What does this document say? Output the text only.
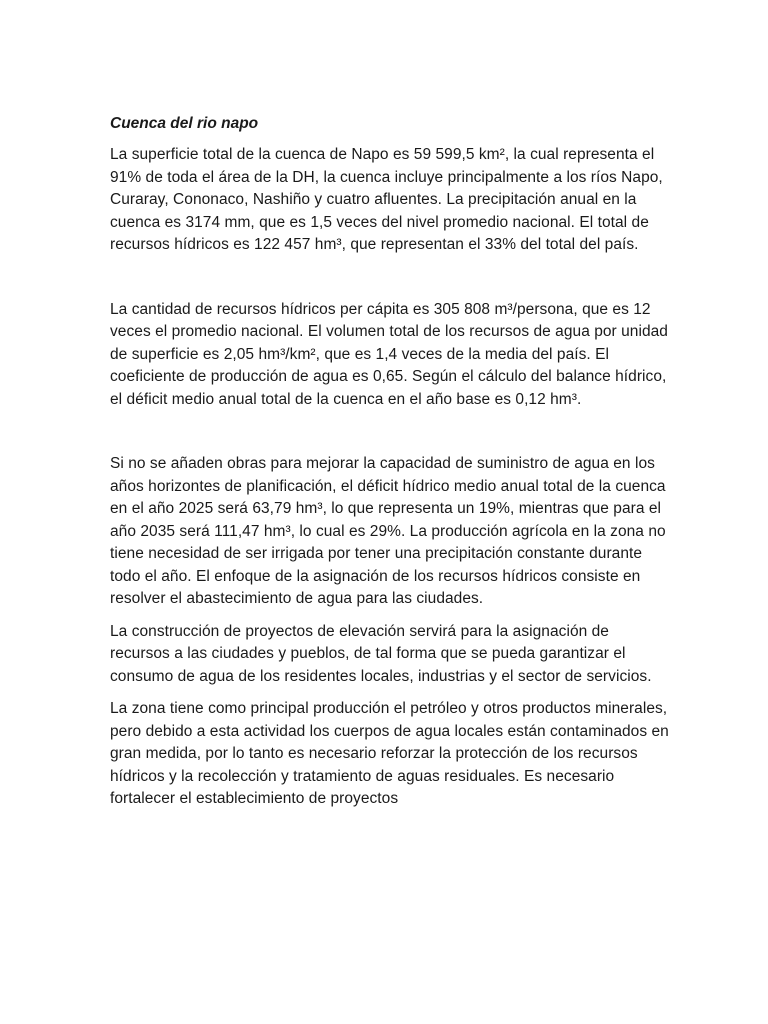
Cuenca del rio napo

La superficie total de la cuenca de Napo es 59 599,5 km², la cual representa el 91% de toda el área de la DH, la cuenca incluye principalmente a los ríos Napo, Curaray, Cononaco, Nashiño y cuatro afluentes. La precipitación anual en la cuenca es 3174 mm, que es 1,5 veces del nivel promedio nacional. El total de recursos hídricos es 122 457 hm³, que representan el 33% del total del país.

La cantidad de recursos hídricos per cápita es 305 808 m³/persona, que es 12 veces el promedio nacional. El volumen total de los recursos de agua por unidad de superficie es 2,05 hm³/km², que es 1,4 veces de la media del país. El coeficiente de producción de agua es 0,65. Según el cálculo del balance hídrico, el déficit medio anual total de la cuenca en el año base es 0,12 hm³.

Si no se añaden obras para mejorar la capacidad de suministro de agua en los años horizontes de planificación, el déficit hídrico medio anual total de la cuenca en el año 2025 será 63,79 hm³, lo que representa un 19%, mientras que para el año 2035 será 111,47 hm³, lo cual es 29%. La producción agrícola en la zona no tiene necesidad de ser irrigada por tener una precipitación constante durante todo el año. El enfoque de la asignación de los recursos hídricos consiste en resolver el abastecimiento de agua para las ciudades.

La construcción de proyectos de elevación servirá para la asignación de recursos a las ciudades y pueblos, de tal forma que se pueda garantizar el consumo de agua de los residentes locales, industrias y el sector de servicios.

La zona tiene como principal producción el petróleo y otros productos minerales, pero debido a esta actividad los cuerpos de agua locales están contaminados en gran medida, por lo tanto es necesario reforzar la protección de los recursos hídricos y la recolección y tratamiento de aguas residuales. Es necesario fortalecer el establecimiento de proyectos
